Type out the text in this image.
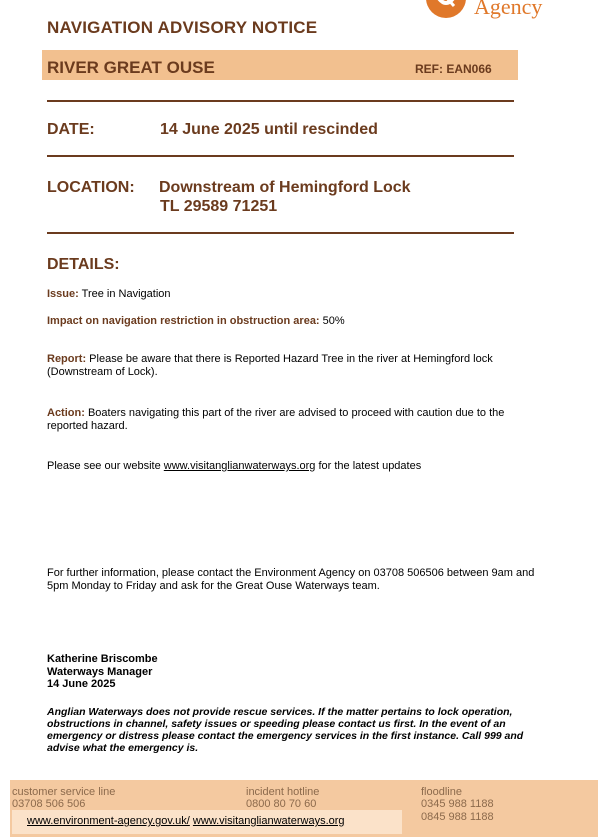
Agency
NAVIGATION ADVISORY NOTICE
RIVER GREAT OUSE	REF: EAN066
DATE:	14 June 2025 until rescinded
LOCATION: Downstream of Hemingford Lock
TL 29589 71251
DETAILS:
Issue: Tree in Navigation
Impact on navigation restriction in obstruction area: 50%
Report: Please be aware that there is Reported Hazard Tree in the river at Hemingford lock
(Downstream of Lock).
Action: Boaters navigating this part of the river are advised to proceed with caution due to the
reported hazard.
Please see our website www.visitanglianwaterways.org for the latest updates
For further information, please contact the Environment Agency on 03708 506506 between 9am and
5pm Monday to Friday and ask for the Great Ouse Waterways team.
Katherine Briscombe
Waterways Manager
14 June 2025
Anglian Waterways does not provide rescue services. If the matter pertains to lock operation,
obstructions in channel, safety issues or speeding please contact us first. In the event of an
emergency or distress please contact the emergency services in the first instance. Call 999 and
advise what the emergency is.
customer service line
03708 506 506
incident hotline
0800 80 70 60
floodline
0345 988 1188
0845 988 1188
www.environment-agency.gov.uk/ www.visitanglianwaterways.org
